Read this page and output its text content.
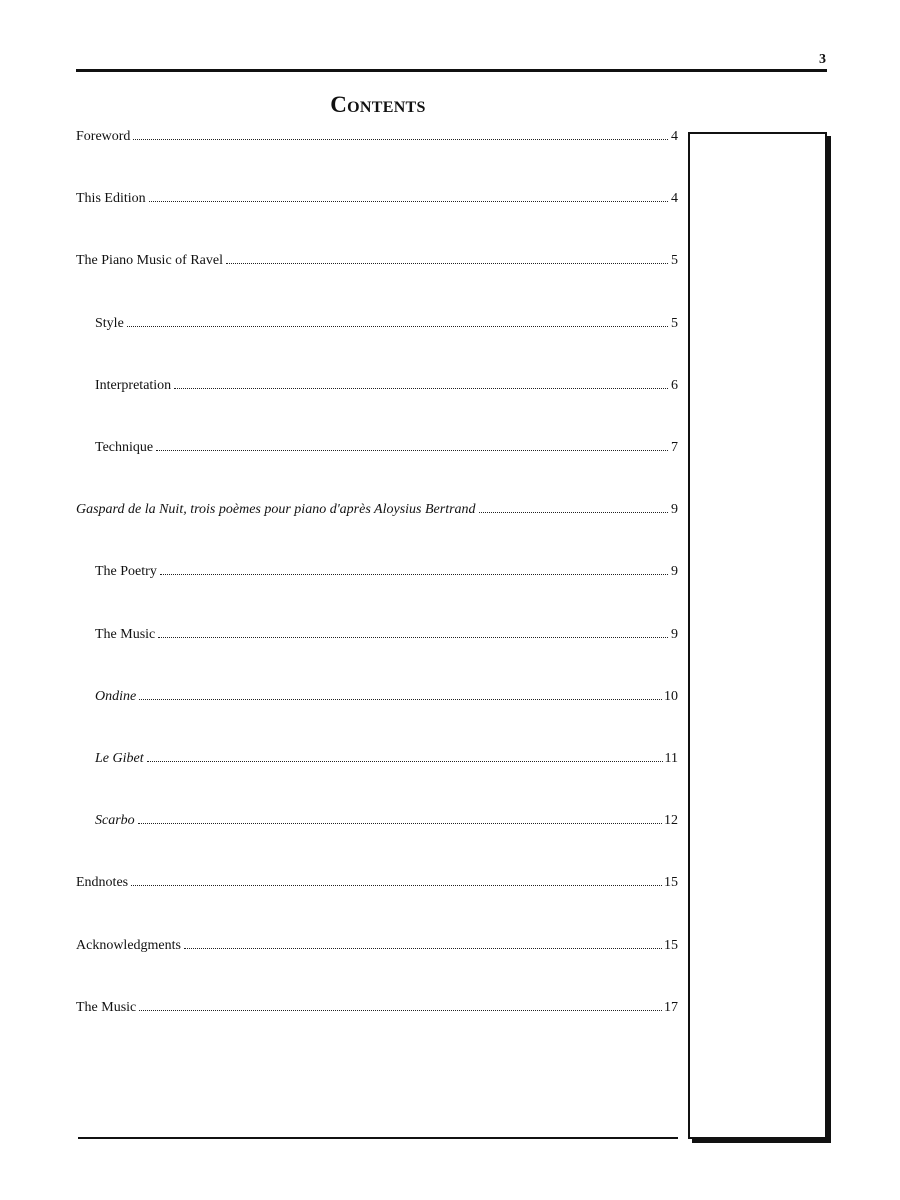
3
Contents
Foreword	4
This Edition	4
The Piano Music of Ravel	5
Style	5
Interpretation	6
Technique	7
Gaspard de la Nuit, trois poèmes pour piano d'après Aloysius Bertrand	9
The Poetry	9
The Music	9
Ondine	10
Le Gibet	11
Scarbo	12
Endnotes	15
Acknowledgments	15
The Music	17
